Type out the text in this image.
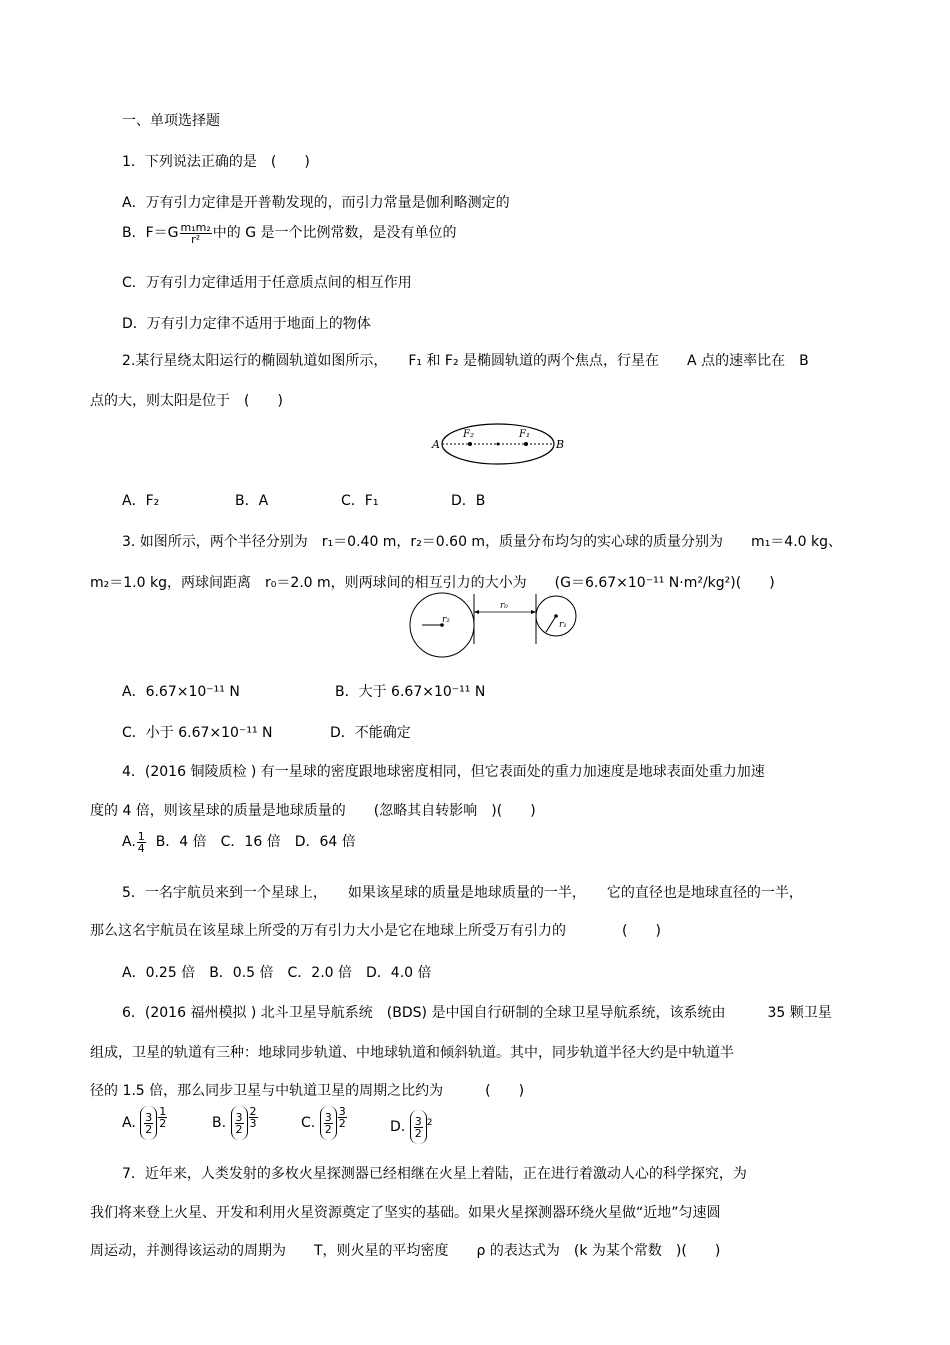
一、单项选择题
1．下列说法正确的是　(　　)
A．万有引力定律是开普勒发现的，而引力常量是伽利略测定的
B．$F=G \frac{\text{m₁m₂}}{\text{r²}}$ 中的 G 是一个比例常数，是没有单位的
C．万有引力定律适用于任意质点间的相互作用
D．万有引力定律不适用于地面上的物体
2.某行星绕太阳运行的椭圆轨道如图所示，　　F₁ 和 F₂ 是椭圆轨道的两个焦点，行星在　　A 点的速率比在　B
点的大，则太阳是位于　(　　)
A	B
F₂	F₁
A．F₂	B．A	C．F₁	D．B
3. 如图所示，两个半径分别为　r₁＝0.40 m，r₂＝0.60 m，质量分布均匀的实心球的质量分别为　　m₁＝4.0 kg、
m₂＝1.0 kg，两球间距离　r₀＝2.0 m，则两球间的相互引力的大小为　　(G＝6.67×10⁻¹¹ N·m²/kg²)(　　)
r₂
r₀
r₁
A．6.67×10⁻¹¹ N	B．大于 6.67×10⁻¹¹ N
C．小于 6.67×10⁻¹¹ N	D．不能确定
4．(2016 铜陵质检 ) 有一星球的密度跟地球密度相同，但它表面处的重力加速度是地球表面处重力加速
度的 4 倍，则该星球的质量是地球质量的　　(忽略其自转影响　)(　　)
A. $\frac{1}{4}$ B．4 倍　C．16 倍　D．64 倍
5．一名宇航员来到一个星球上，　　如果该星球的质量是地球质量的一半，　　它的直径也是地球直径的一半，
那么这名宇航员在该星球上所受的万有引力大小是它在地球上所受万有引力的　　　　(　　)
A．0.25 倍　B．0.5 倍　C．2.0 倍　D．4.0 倍
6．(2016 福州模拟 ) 北斗卫星导航系统　(BDS) 是中国自行研制的全球卫星导航系统，该系统由　　　35 颗卫星
组成，卫星的轨道有三种：地球同步轨道、中地球轨道和倾斜轨道。其中，同步轨道半径大约是中轨道半
径的 1.5 倍，那么同步卫星与中轨道卫星的周期之比约为　　　(　　)
A. $\frac{3}{2} \frac{1}{2}$	B. $\frac{3}{2} \frac{2}{3}$	C. $\frac{3}{2} \frac{3}{2}$	D. $\frac{3}{2} ^2$
7．近年来，人类发射的多枚火星探测器已经相继在火星上着陆，正在进行着激动人心的科学探究，为
我们将来登上火星、开发和利用火星资源奠定了坚实的基础。如果火星探测器环绕火星做“近地”匀速圆
周运动，并测得该运动的周期为　　T，则火星的平均密度　　ρ 的表达式为　(k 为某个常数　)(　　)
